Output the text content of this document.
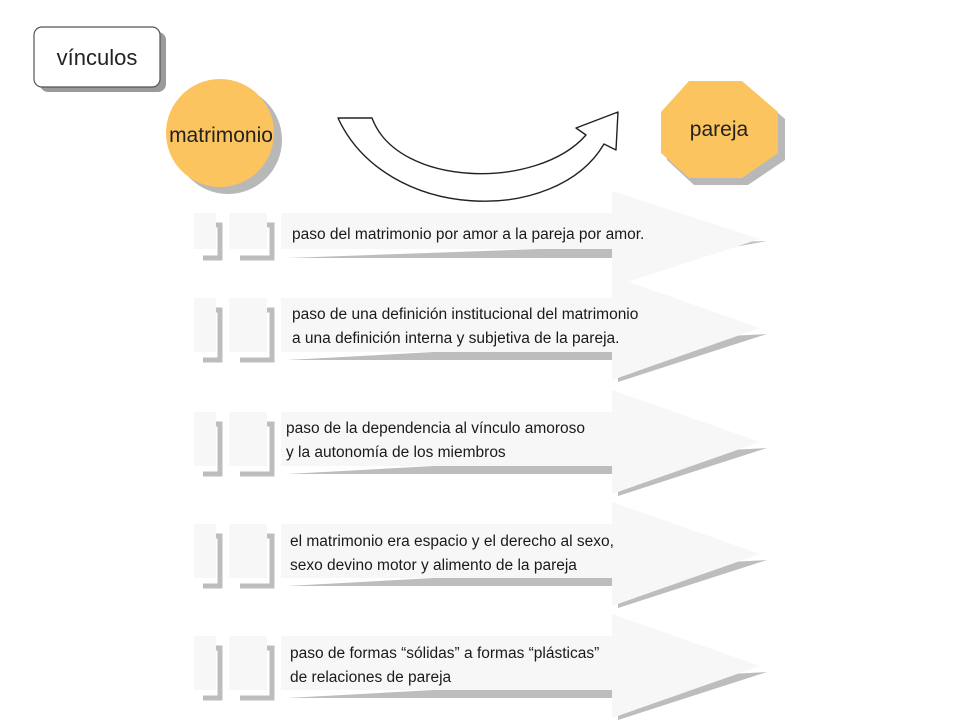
vínculos
matrimonio	pareja
paso del matrimonio por amor a la pareja por amor.
paso de una definición institucional del matrimonio a una definición interna y subjetiva de la pareja.
paso de la dependencia al vínculo amoroso y la autonomía de los miembros
el matrimonio era espacio y el derecho al sexo, sexo devino motor y alimento de la pareja
paso de formas “sólidas” a formas “plásticas” de relaciones de pareja
